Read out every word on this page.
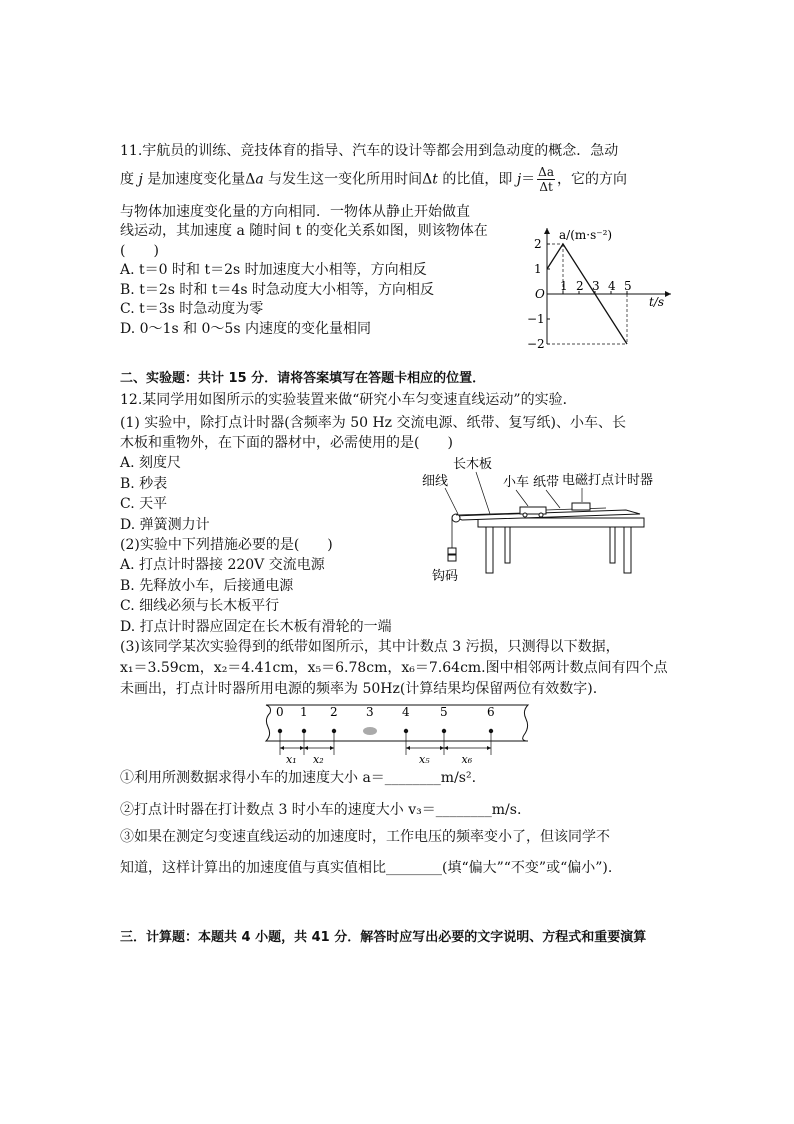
11.宇航员的训练、竞技体育的指导、汽车的设计等都会用到急动度的概念．急动
度 j 是加速度变化量Δa 与发生这一变化所用时间Δt 的比值，即 $j= \frac{\Delta a}{\Delta t}$ ，它的方向
与物体加速度变化量的方向相同．一物体从静止开始做直
线运动，其加速度 a 随时间 t 的变化关系如图，则该物体在
(　　)
A. t＝0 时和 t＝2s 时加速度大小相等，方向相反
B. t＝2s 时和 t＝4s 时急动度大小相等，方向相反
C. t＝3s 时急动度为零
D. 0～1s 和 0～5s 内速度的变化量相同
a/(m·s⁻²)
t/s
O
1 2 3 4 5
2
1
−1
−2
二、实验题：共计 15 分．请将答案填写在答题卡相应的位置．
12.某同学用如图所示的实验装置来做“研究小车匀变速直线运动”的实验．
(1) 实验中，除打点计时器(含频率为 50 Hz 交流电源、纸带、复写纸)、小车、长
木板和重物外，在下面的器材中，必需使用的是(　　)
A. 刻度尺
B. 秒表
C. 天平
D. 弹簧测力计
(2)实验中下列措施必要的是(　　)
A. 打点计时器接 220V 交流电源
B. 先释放小车，后接通电源
C. 细线必须与长木板平行
D. 打点计时器应固定在长木板有滑轮的一端
(3)该同学某次实验得到的纸带如图所示，其中计数点 3 污损，只测得以下数据，
x₁＝3.59cm，x₂＝4.41cm，x₅＝6.78cm，x₆＝7.64cm.图中相邻两计数点间有四个点
未画出，打点计时器所用电源的频率为 50Hz(计算结果均保留两位有效数字).
细线
长木板
小车 纸带 电磁打点计时器
钩码
0 1 2 3 4	5	6
x₁ x₂	x₅	x₆
①利用所测数据求得小车的加速度大小 a＝________m/s².
②打点计时器在打计数点 3 时小车的速度大小 v₃＝________m/s.
③如果在测定匀变速直线运动的加速度时，工作电压的频率变小了，但该同学不
知道，这样计算出的加速度值与真实值相比________(填“偏大”“不变”或“偏小”).
三．计算题：本题共 4 小题，共 41 分．解答时应写出必要的文字说明、方程式和重要演算
